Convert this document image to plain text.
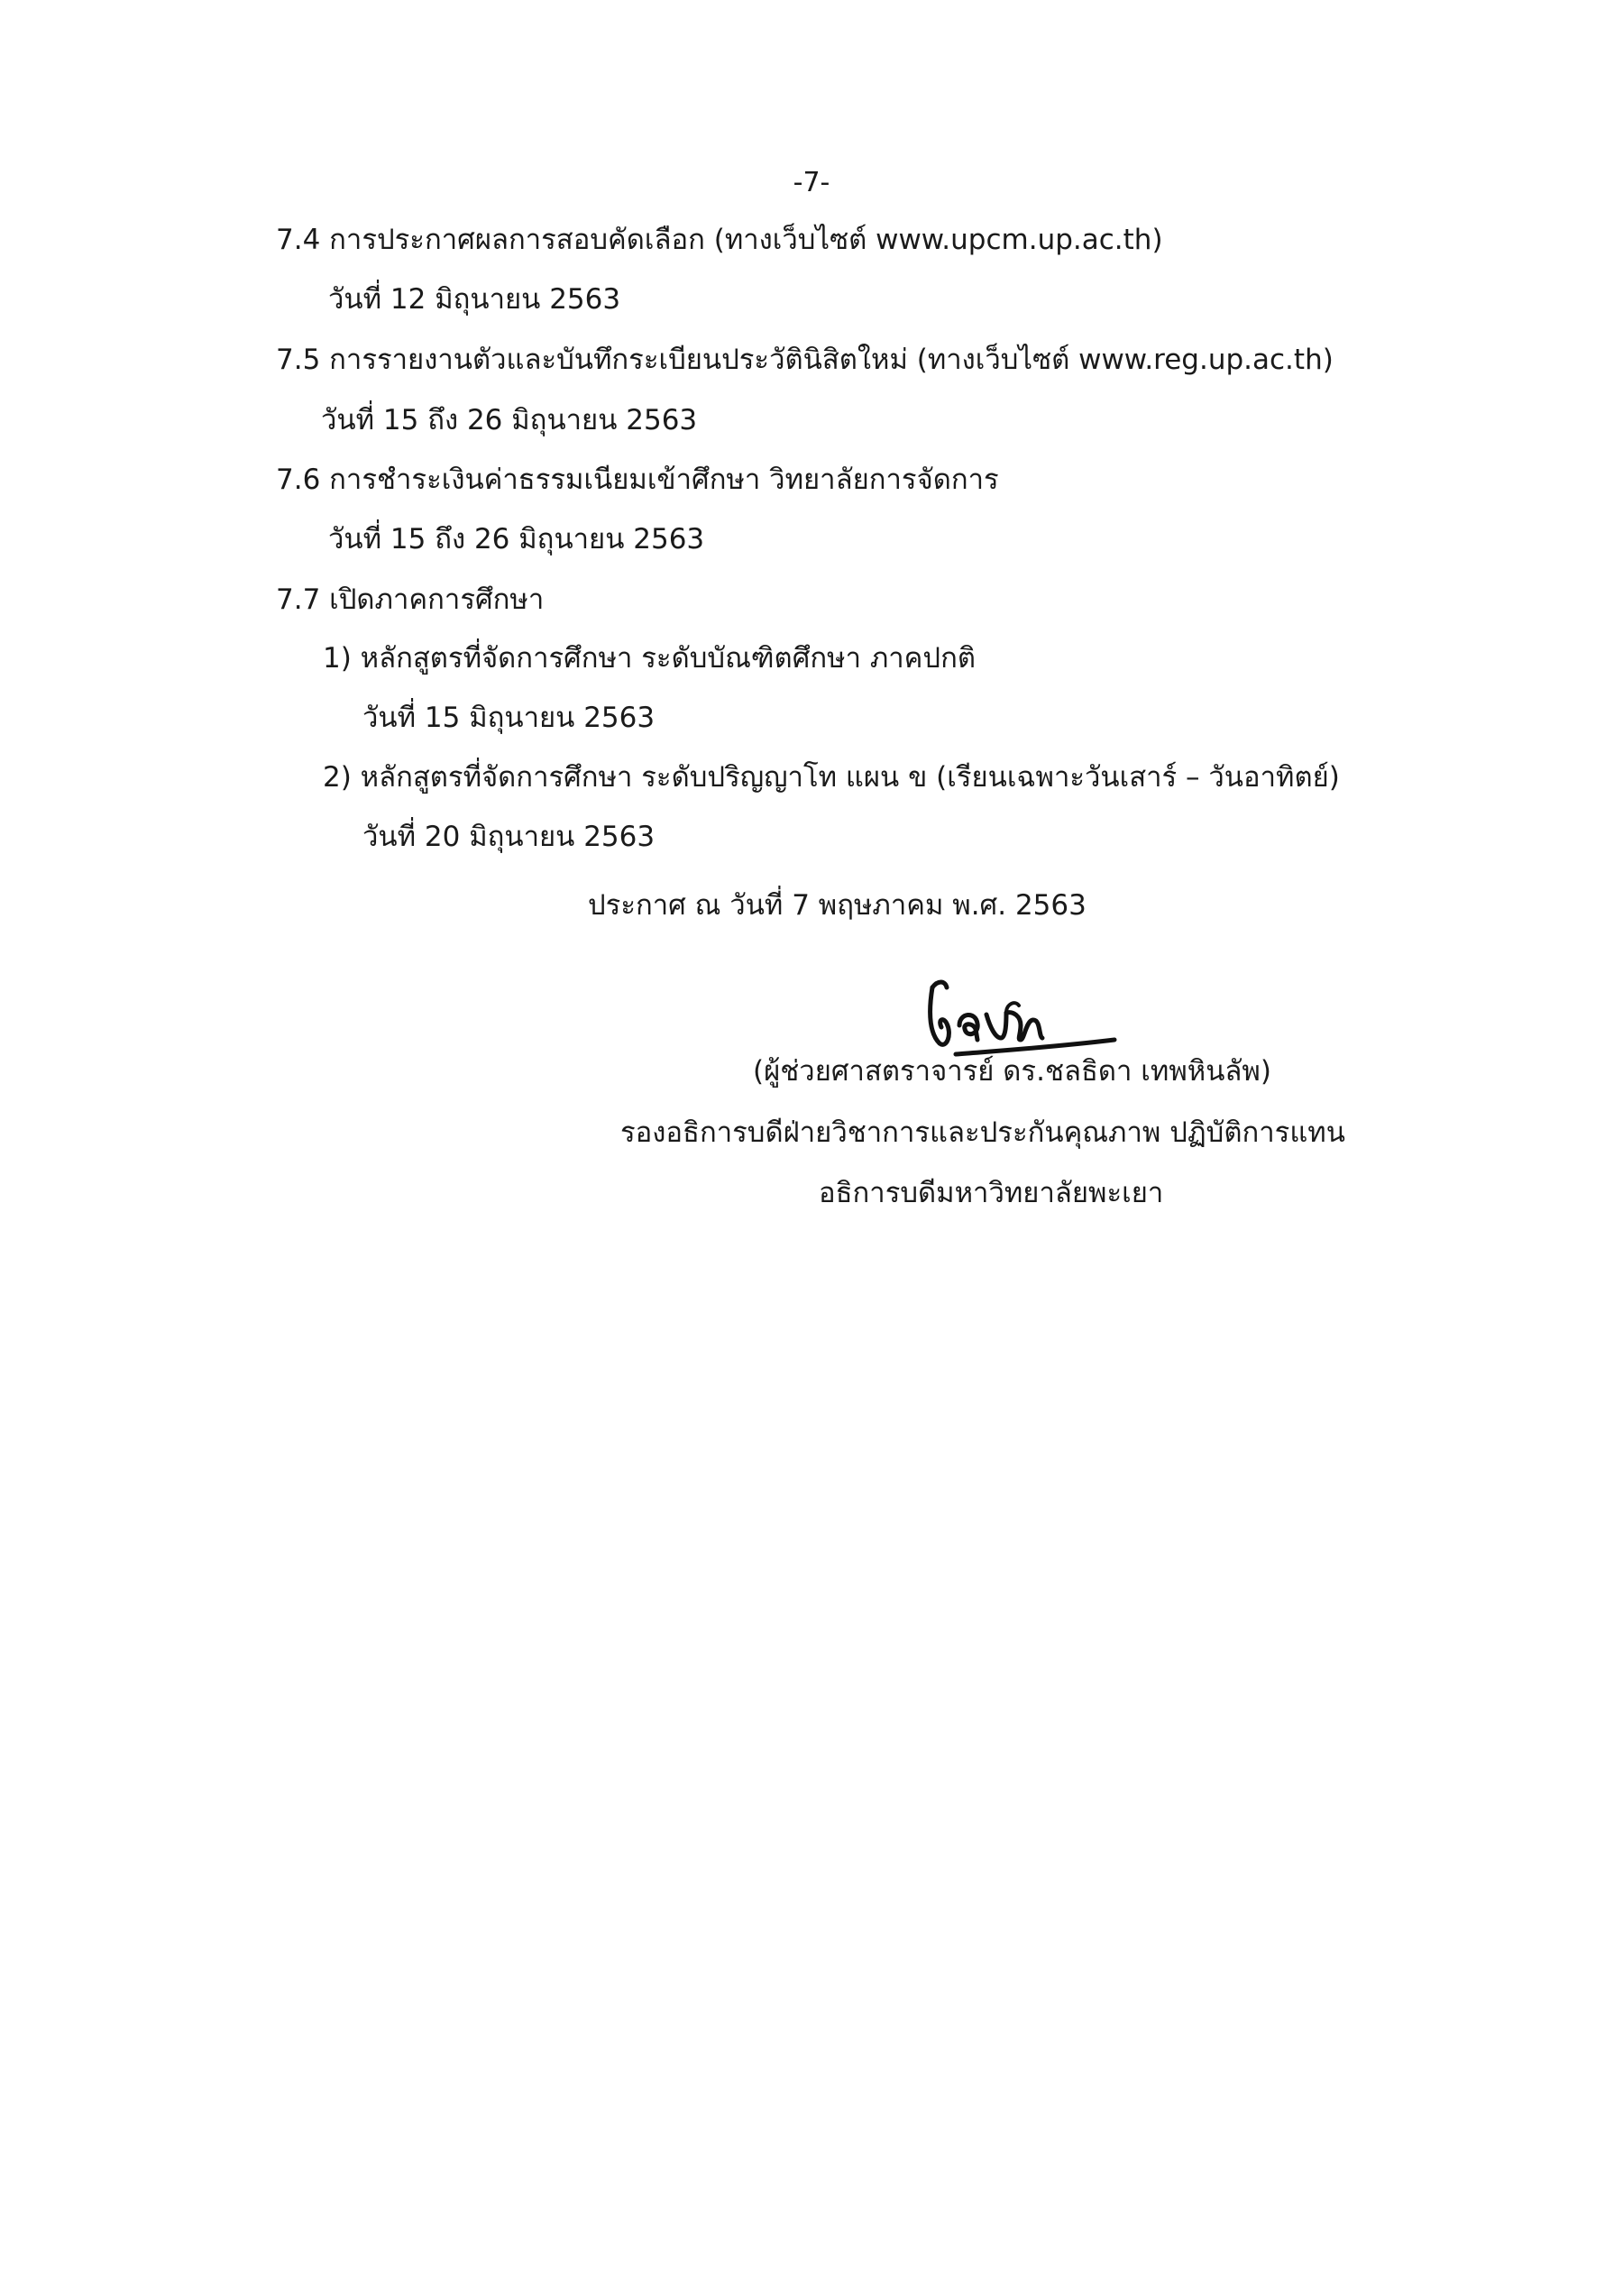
-7-
7.4 การประกาศผลการสอบคัดเลือก (ทางเว็บไซต์ www.upcm.up.ac.th)
วันที่ 12 มิถุนายน 2563
7.5 การรายงานตัวและบันทึกระเบียนประวัตินิสิตใหม่ (ทางเว็บไซต์ www.reg.up.ac.th)
วันที่ 15 ถึง 26 มิถุนายน 2563
7.6 การชำระเงินค่าธรรมเนียมเข้าศึกษา วิทยาลัยการจัดการ
วันที่ 15 ถึง 26 มิถุนายน 2563
7.7 เปิดภาคการศึกษา
1) หลักสูตรที่จัดการศึกษา ระดับบัณฑิตศึกษา ภาคปกติ
วันที่ 15 มิถุนายน 2563
2) หลักสูตรที่จัดการศึกษา ระดับปริญญาโท แผน ข (เรียนเฉพาะวันเสาร์ – วันอาทิตย์)
วันที่ 20 มิถุนายน 2563
ประกาศ ณ วันที่ 7 พฤษภาคม พ.ศ. 2563
(ผู้ช่วยศาสตราจารย์ ดร.ชลธิดา เทพหินลัพ)
รองอธิการบดีฝ่ายวิชาการและประกันคุณภาพ ปฏิบัติการแทน
อธิการบดีมหาวิทยาลัยพะเยา
